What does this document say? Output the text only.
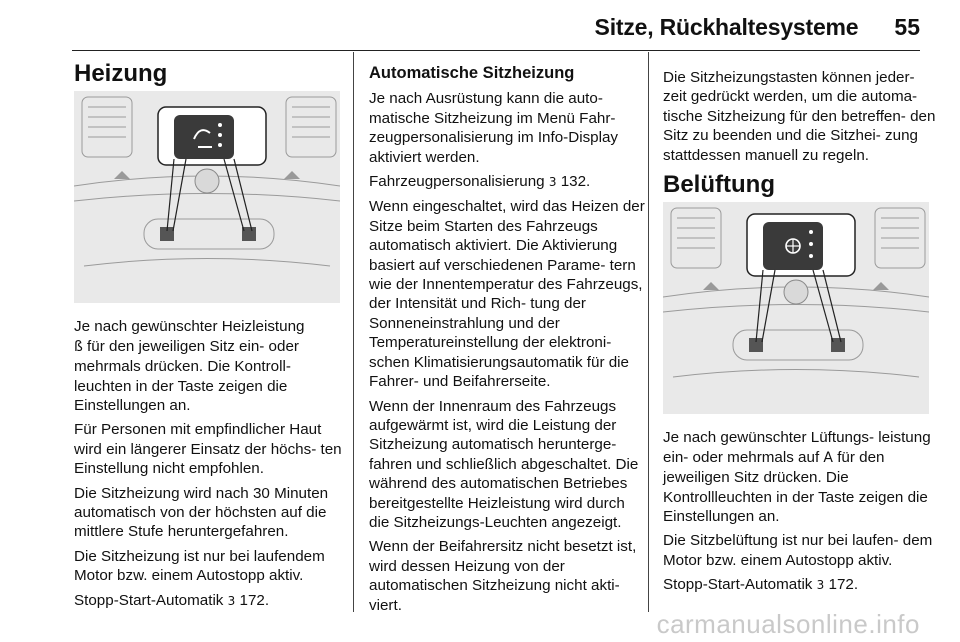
Sitze, Rückhaltesysteme 55
Heizung

Je nach gewünschter Heizleistung
ß für den jeweiligen Sitz ein- oder mehrmals drücken. Die Kontroll- leuchten in der Taste zeigen die Einstellungen an.

Für Personen mit empfindlicher Haut wird ein längerer Einsatz der höchs- ten Einstellung nicht empfohlen.

Die Sitzheizung wird nach 30 Minuten automatisch von der höchsten auf die mittlere Stufe heruntergefahren.

Die Sitzheizung ist nur bei laufendem Motor bzw. einem Autostopp aktiv.

Stopp-Start-Automatik 3 172.

Automatische Sitzheizung

Je nach Ausrüstung kann die auto- matische Sitzheizung im Menü Fahr- zeugpersonalisierung im Info-Display aktiviert werden.

Fahrzeugpersonalisierung 3 132.

Wenn eingeschaltet, wird das Heizen der Sitze beim Starten des Fahrzeugs automatisch aktiviert. Die Aktivierung basiert auf verschiedenen Parame- tern wie der Innentemperatur des Fahrzeugs, der Intensität und Rich- tung der Sonneneinstrahlung und der Temperatureinstellung der elektroni- schen Klimatisierungsautomatik für die Fahrer- und Beifahrerseite.

Wenn der Innenraum des Fahrzeugs aufgewärmt ist, wird die Leistung der Sitzheizung automatisch herunterge- fahren und schließlich abgeschaltet. Die während des automatischen Betriebes bereitgestellte Heizleistung wird durch die Sitzheizungs-Leuchten angezeigt.

Wenn der Beifahrersitz nicht besetzt ist, wird dessen Heizung von der automatischen Sitzheizung nicht akti- viert.

Die Sitzheizungstasten können jeder- zeit gedrückt werden, um die automa- tische Sitzheizung für den betreffen- den Sitz zu beenden und die Sitzhei- zung stattdessen manuell zu regeln.

Belüftung

Je nach gewünschter Lüftungs- leistung ein- oder mehrmals auf A für den jeweiligen Sitz drücken. Die Kontrollleuchten in der Taste zeigen die Einstellungen an.

Die Sitzbelüftung ist nur bei laufen- dem Motor bzw. einem Autostopp aktiv.

Stopp-Start-Automatik 3 172.

carmanualsonline.info
